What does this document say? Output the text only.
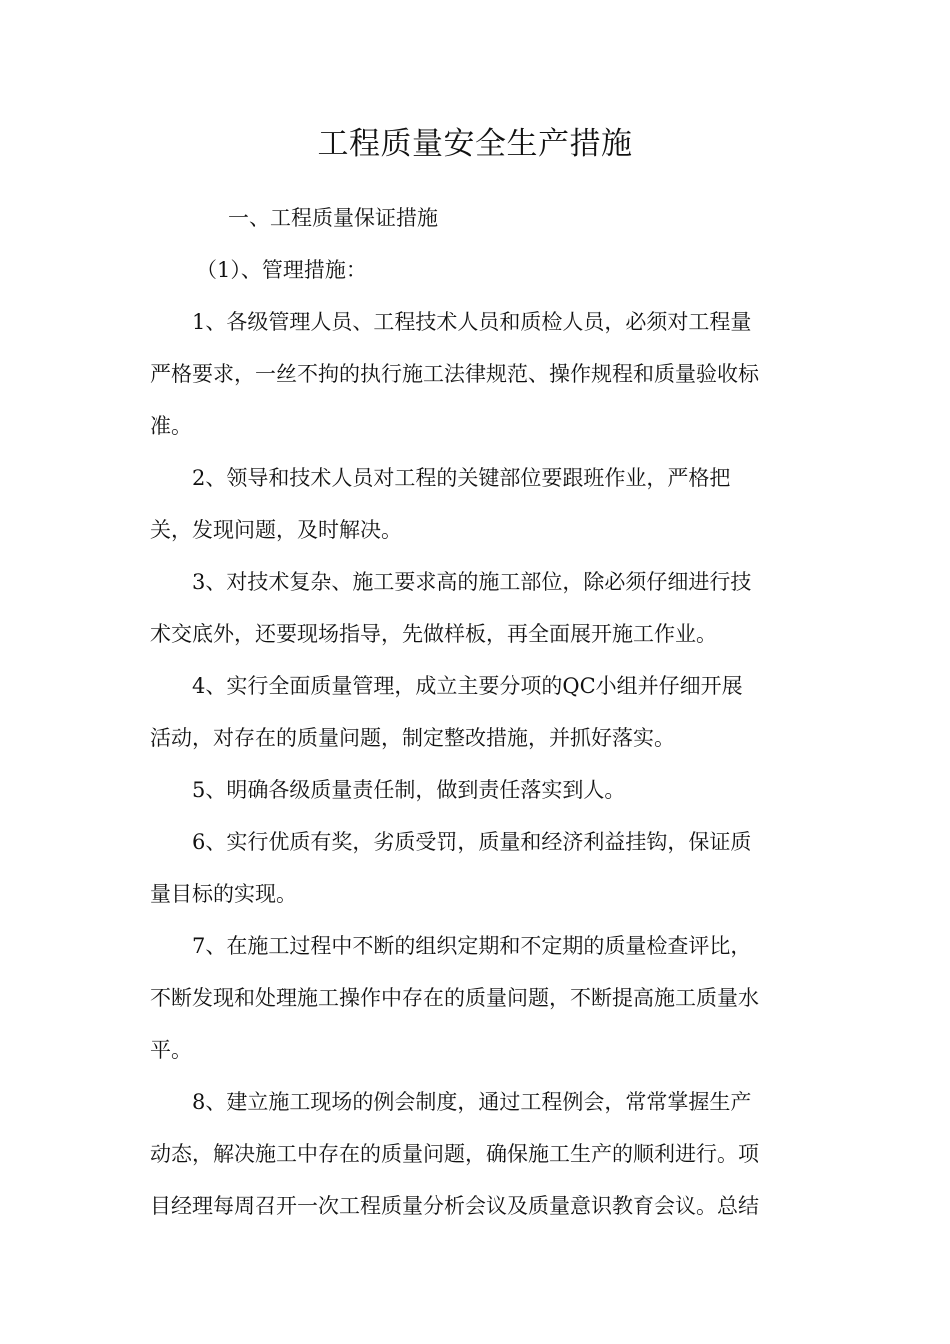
工程质量安全生产措施
一、工程质量保证措施
（1）、管理措施：
1、各级管理人员、工程技术人员和质检人员，必须对工程量
严格要求，一丝不拘的执行施工法律规范、操作规程和质量验收标
准。
2、领导和技术人员对工程的关键部位要跟班作业，严格把
关，发现问题，及时解决。
3、对技术复杂、施工要求高的施工部位，除必须仔细进行技
术交底外，还要现场指导，先做样板，再全面展开施工作业。
4、实行全面质量管理，成立主要分项的QC小组并仔细开展
活动，对存在的质量问题，制定整改措施，并抓好落实。
5、明确各级质量责任制，做到责任落实到人。
6、实行优质有奖，劣质受罚，质量和经济利益挂钩，保证质
量目标的实现。
7、在施工过程中不断的组织定期和不定期的质量检查评比，
不断发现和处理施工操作中存在的质量问题，不断提高施工质量水
平。
8、建立施工现场的例会制度，通过工程例会，常常掌握生产
动态，解决施工中存在的质量问题，确保施工生产的顺利进行。项
目经理每周召开一次工程质量分析会议及质量意识教育会议。总结
